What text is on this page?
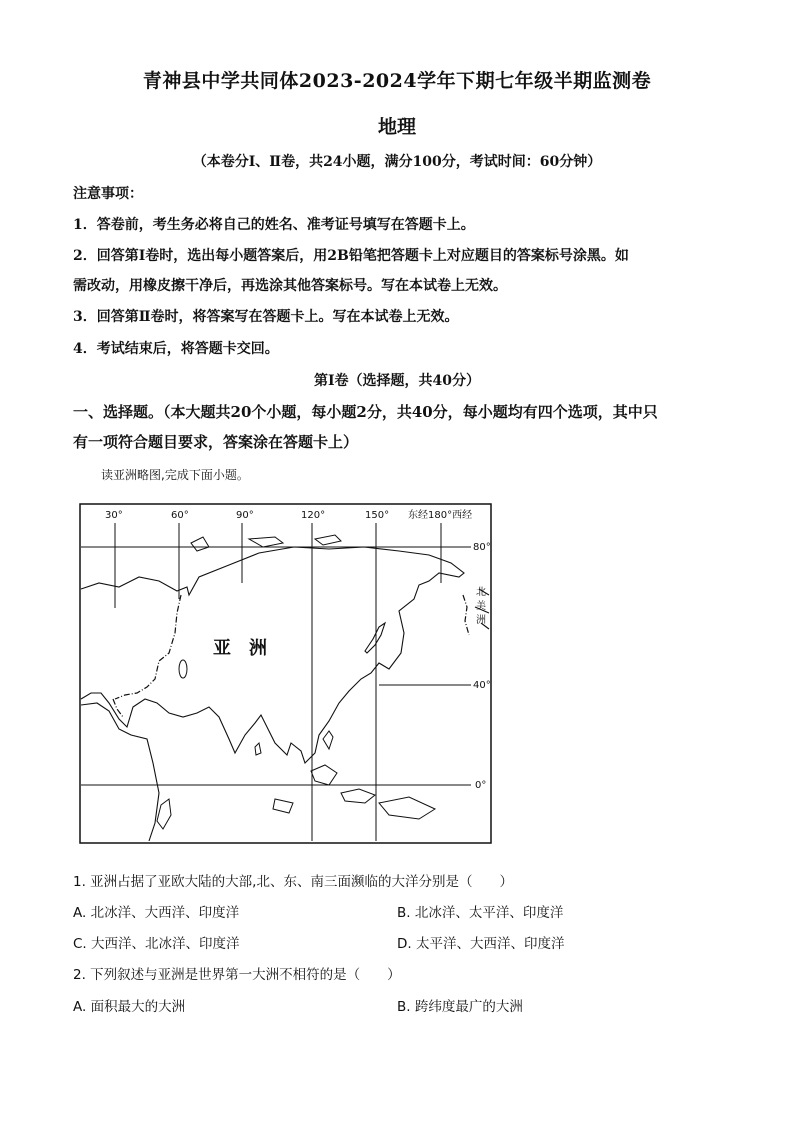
青神县中学共同体2023-2024学年下期七年级半期监测卷
地理
（本卷分Ⅰ、Ⅱ卷，共24小题，满分100分，考试时间：60分钟）
注意事项：
1．答卷前，考生务必将自己的姓名、准考证号填写在答题卡上。
2．回答第Ⅰ卷时，选出每小题答案后，用2B铅笔把答题卡上对应题目的答案标号涂黑。如
需改动，用橡皮擦干净后，再选涂其他答案标号。写在本试卷上无效。
3．回答第Ⅱ卷时，将答案写在答题卡上。写在本试卷上无效。
4．考试结束后，将答题卡交回。
第Ⅰ卷（选择题，共40分）
一、选择题。（本大题共20个小题，每小题2分，共40分，每小题均有四个选项，其中只
有一项符合题目要求，答案涂在答题卡上）
读亚洲略图,完成下面小题。
30°	60°	90°	120°	150° 东经180°西经
80°
40°
0°
北
美
洲
亚　洲
1. 亚洲占据了亚欧大陆的大部,北、东、南三面濒临的大洋分别是（　　）
A. 北冰洋、大西洋、印度洋	B. 北冰洋、太平洋、印度洋
C. 大西洋、北冰洋、印度洋	D. 太平洋、大西洋、印度洋
2. 下列叙述与亚洲是世界第一大洲不相符的是（　　）
A. 面积最大的大洲	B. 跨纬度最广的大洲
